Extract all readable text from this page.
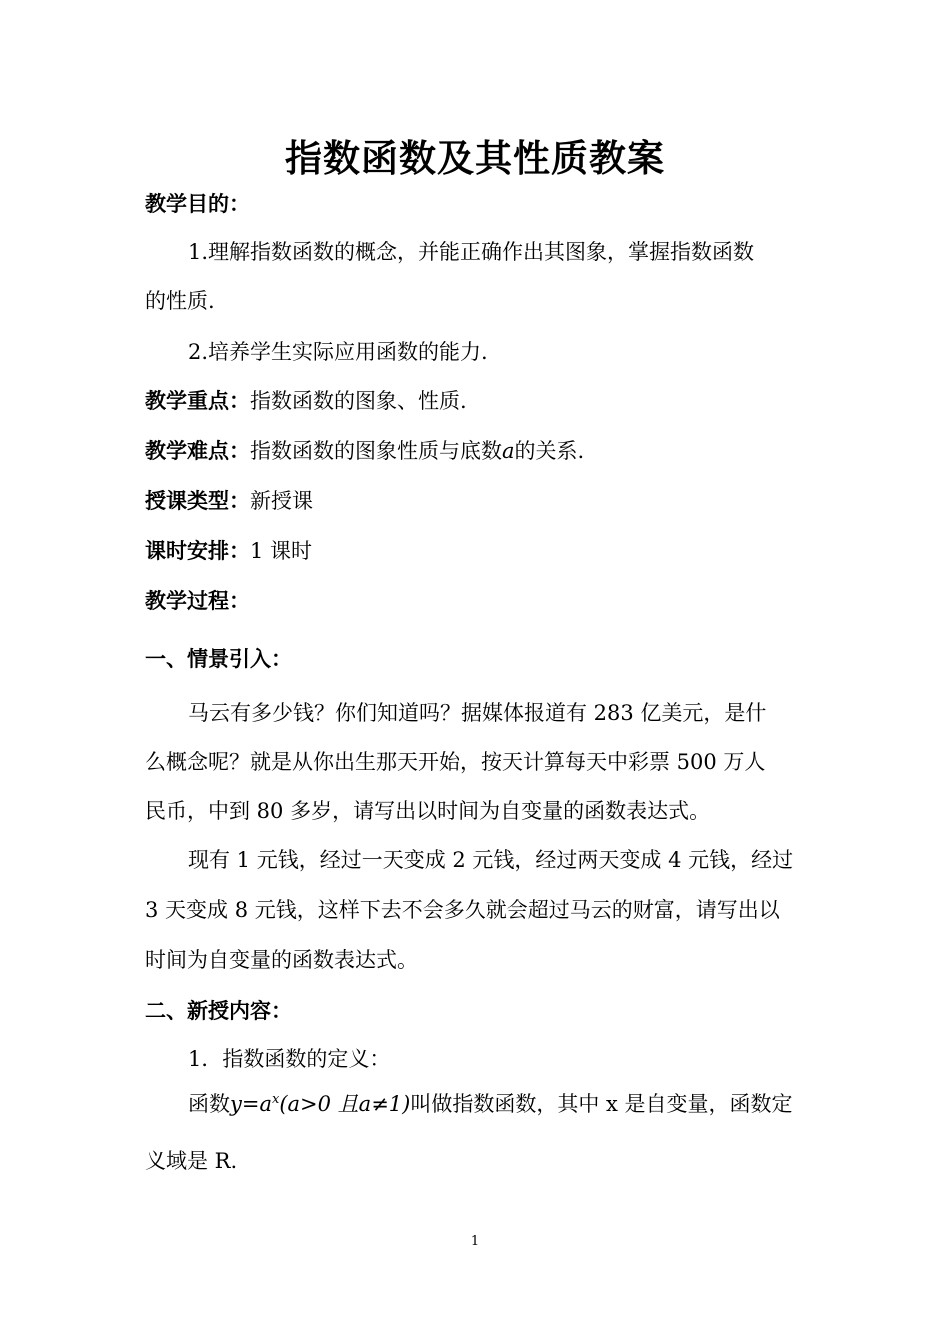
指数函数及其性质教案
教学目的：
1.理解指数函数的概念，并能正确作出其图象，掌握指数函数
的性质.
2.培养学生实际应用函数的能力.
教学重点：指数函数的图象、性质.
教学难点：指数函数的图象性质与底数a的关系.
授课类型：新授课
课时安排：1 课时
教学过程：
一、情景引入：
马云有多少钱？你们知道吗？据媒体报道有 283 亿美元，是什
么概念呢？就是从你出生那天开始，按天计算每天中彩票 500 万人
民币，中到 80 多岁，请写出以时间为自变量的函数表达式。
现有 1 元钱，经过一天变成 2 元钱，经过两天变成 4 元钱，经过
3 天变成 8 元钱，这样下去不会多久就会超过马云的财富，请写出以
时间为自变量的函数表达式。
二、新授内容：
1．指数函数的定义：
函数$y=a^x(a>0$ 且a≠1)叫做指数函数，其中 x 是自变量，函数定
义域是 R.
1
